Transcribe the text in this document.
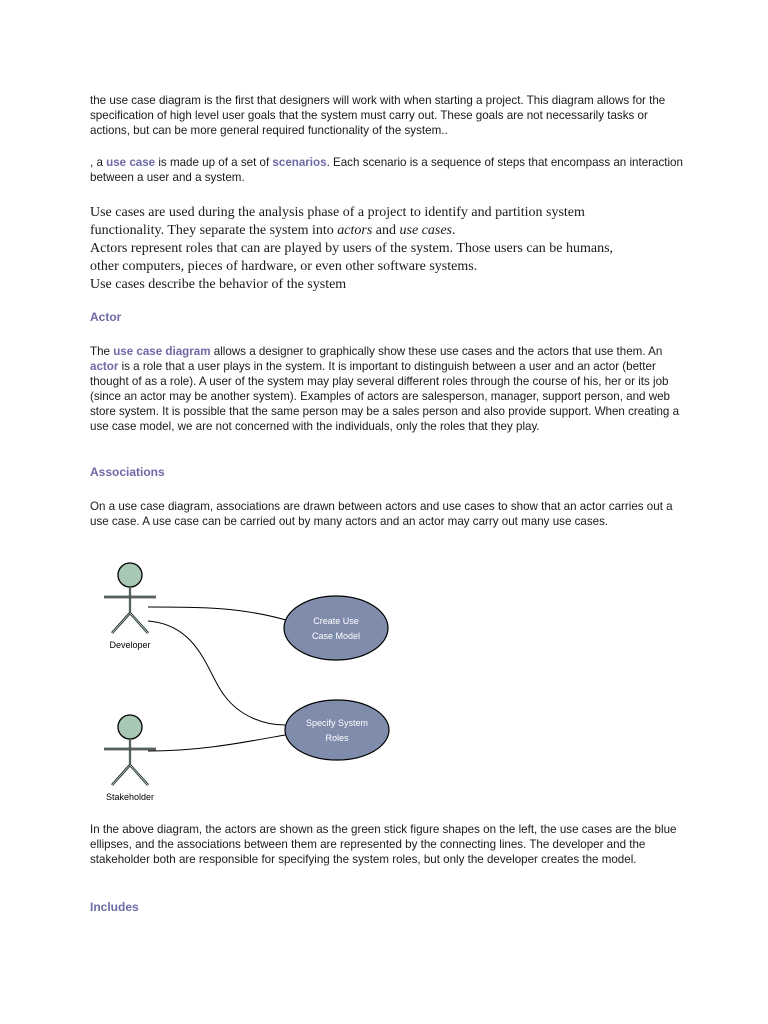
the use case diagram is the first that designers will work with when starting a project. This diagram allows for the specification of high level user goals that the system must carry out. These goals are not necessarily tasks or actions, but can be more general required functionality of the system..

, a use case is made up of a set of scenarios. Each scenario is a sequence of steps that encompass an interaction between a user and a system.

Use cases are used during the analysis phase of a project to identify and partition system
functionality. They separate the system into actors and use cases.
Actors represent roles that can are played by users of the system. Those users can be humans,
other computers, pieces of hardware, or even other software systems.
Use cases describe the behavior of the system
Actor

The use case diagram allows a designer to graphically show these use cases and the actors that use them. An actor is a role that a user plays in the system. It is important to distinguish between a user and an actor (better thought of as a role). A user of the system may play several different roles through the course of his, her or its job (since an actor may be another system). Examples of actors are salesperson, manager, support person, and web store system. It is possible that the same person may be a sales person and also provide support. When creating a use case model, we are not concerned with the individuals, only the roles that they play.

Associations

On a use case diagram, associations are drawn between actors and use cases to show that an actor carries out a use case. A use case can be carried out by many actors and an actor may carry out many use cases.

Developer
Stakeholder
Create Use
Case Model
Specify System
Roles

In the above diagram, the actors are shown as the green stick figure shapes on the left, the use cases are the blue ellipses, and the associations between them are represented by the connecting lines. The developer and the stakeholder both are responsible for specifying the system roles, but only the developer creates the model.

Includes
